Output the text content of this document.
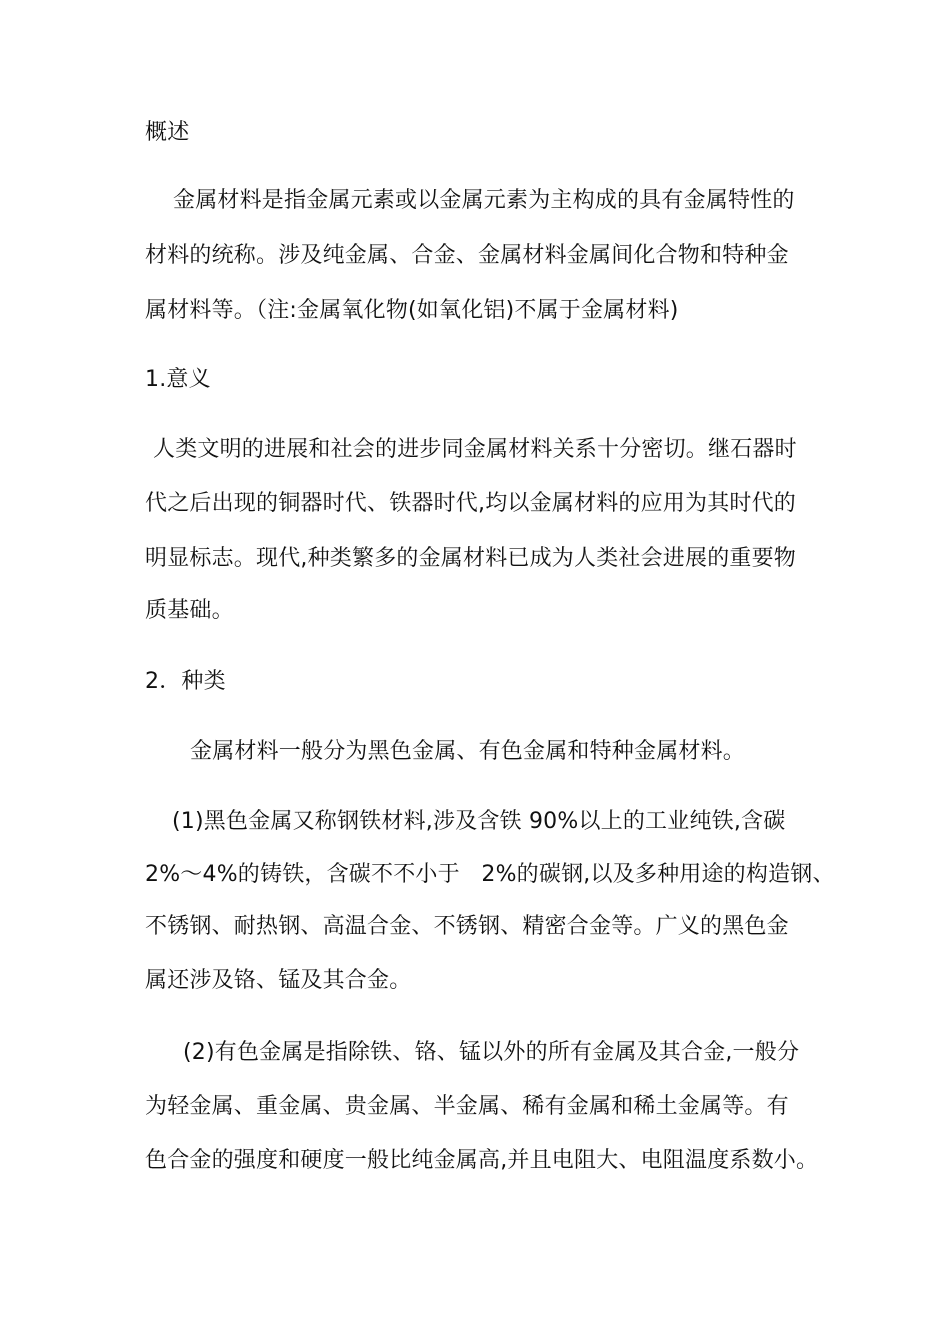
概述
金属材料是指金属元素或以金属元素为主构成的具有金属特性的
材料的统称。涉及纯金属、合金、金属材料金属间化合物和特种金
属材料等。（注:金属氧化物(如氧化铝)不属于金属材料)
1.意义
人类文明的进展和社会的进步同金属材料关系十分密切。继石器时
代之后出现的铜器时代、铁器时代,均以金属材料的应用为其时代的
明显标志。现代,种类繁多的金属材料已成为人类社会进展的重要物
质基础。
2．种类
金属材料一般分为黑色金属、有色金属和特种金属材料。
(1)黑色金属又称钢铁材料,涉及含铁 90%以上的工业纯铁,含碳
2%～4%的铸铁，含碳不不小于   2%的碳钢,以及多种用途的构造钢、
不锈钢、耐热钢、高温合金、不锈钢、精密合金等。广义的黑色金
属还涉及铬、锰及其合金。
(2)有色金属是指除铁、铬、锰以外的所有金属及其合金,一般分
为轻金属、重金属、贵金属、半金属、稀有金属和稀土金属等。有
色合金的强度和硬度一般比纯金属高,并且电阻大、电阻温度系数小。
